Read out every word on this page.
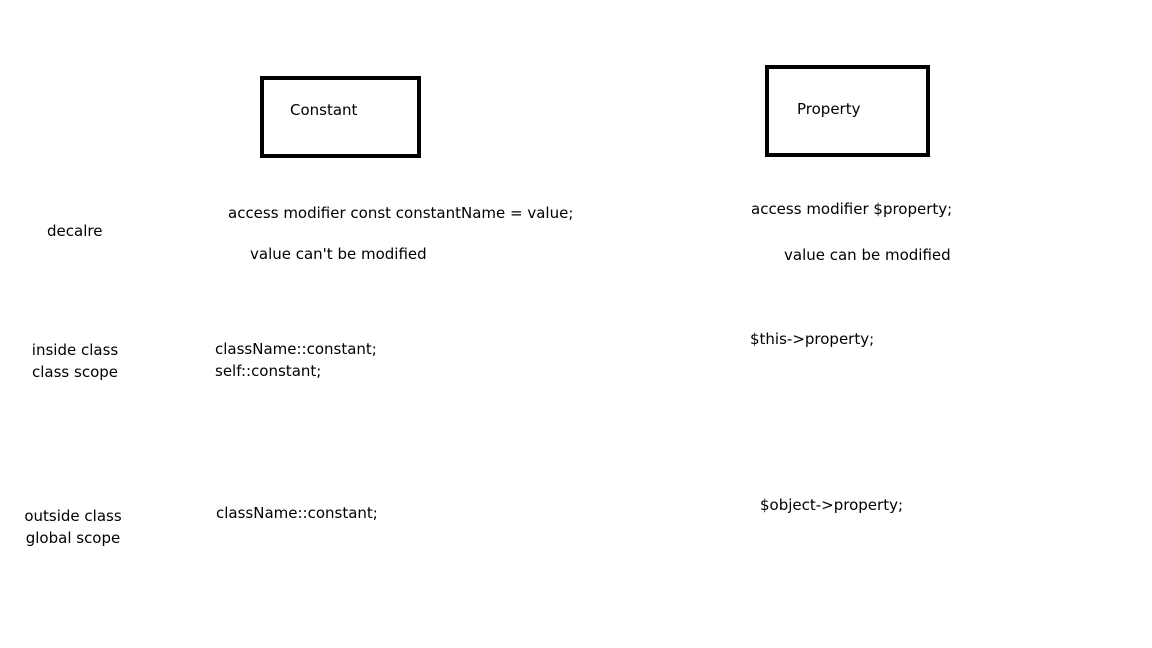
Constant	Property
decalre
access modifier const constantName = value;
value can't be modified
access modifier $property;
value can be modified
inside class
class scope
className::constant;
self::constant;
$this->property;
outside class
global scope
className::constant;	$object->property;
